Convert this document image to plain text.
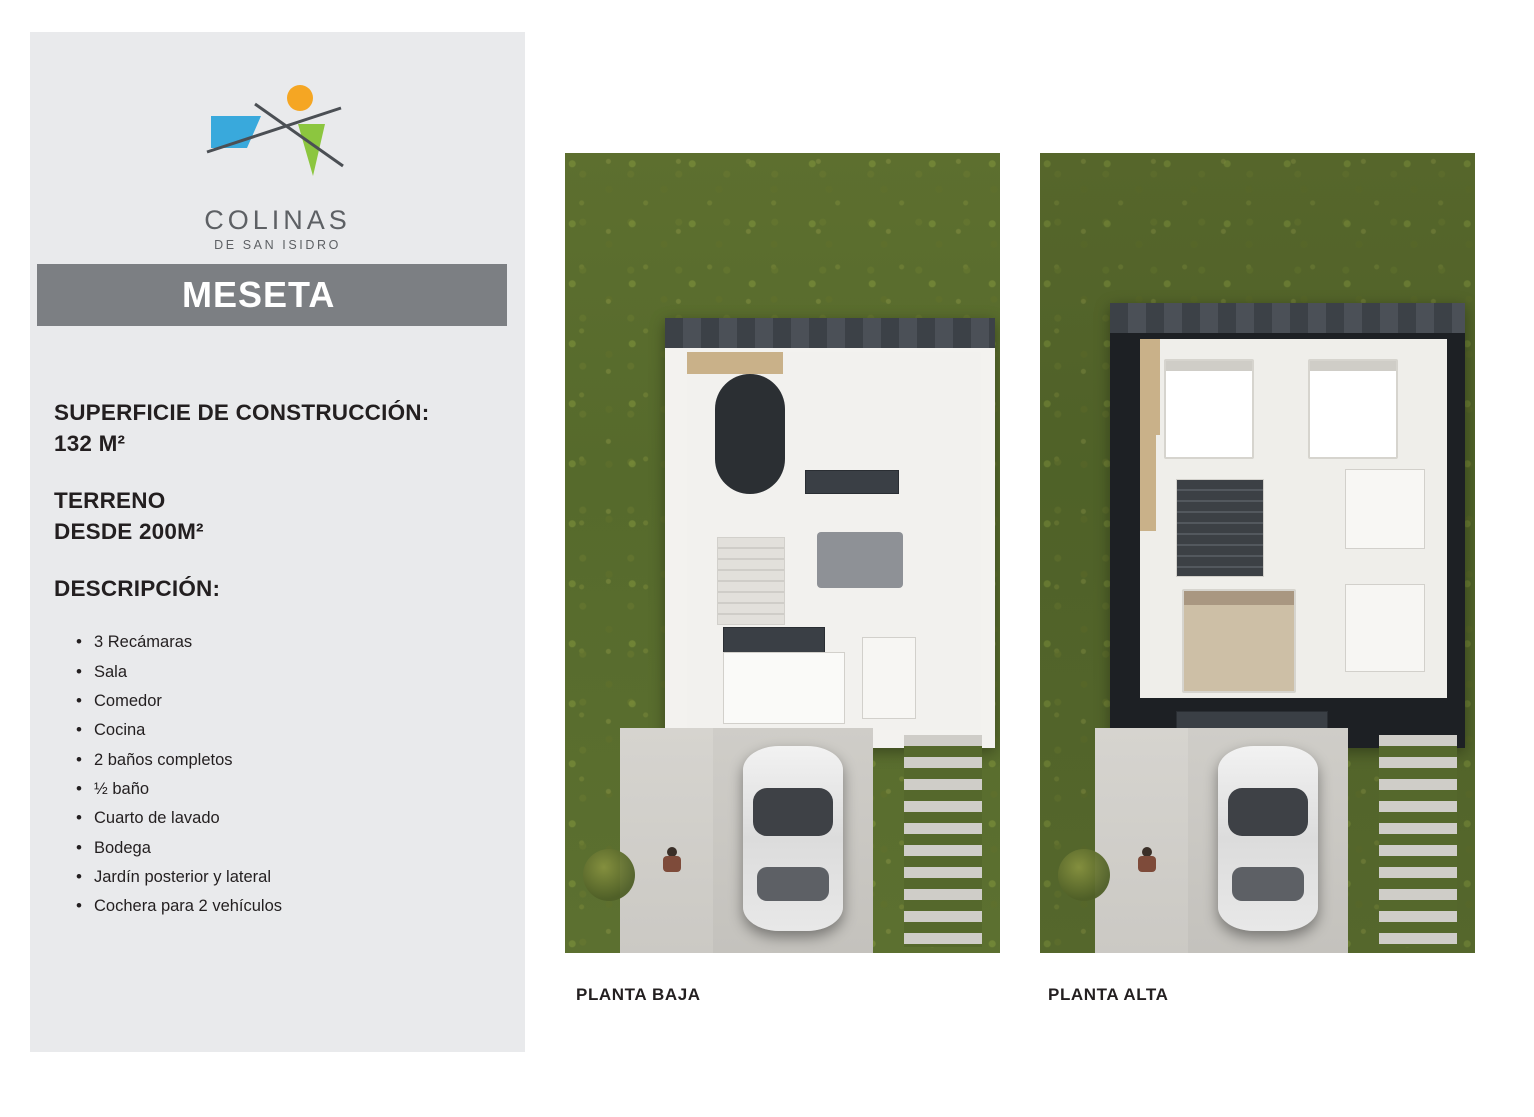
COLINAS
DE SAN ISIDRO
MESETA
SUPERFICIE DE CONSTRUCCIÓN:
132 M²
TERRENO
DESDE 200M²
DESCRIPCIÓN:
• 3 Recámaras
• Sala
• Comedor
• Cocina
• 2 baños completos
• ½ baño
• Cuarto de lavado
• Bodega
• Jardín posterior y lateral
• Cochera para 2 vehículos
PLANTA BAJA	PLANTA ALTA
